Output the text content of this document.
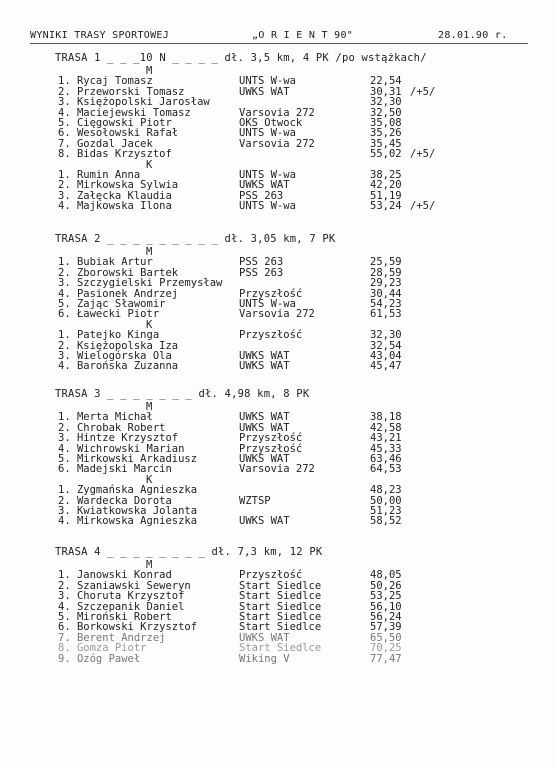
WYNIKI TRASY SPORTOWEJ	„O R I E N T 90"	28.01.90 r.
TRASA 1 _ _ _10 N _ _ _ _ dł. 3,5 km, 4 PK /po wstążkach/
M
1. Rycaj Tomasz	UNTS W-wa	22,54
2. Przeworski Tomasz	UWKS WAT	30,31 /+5/
3. Księżopolski Jarosław	32,30
4. Maciejewski Tomasz	Varsovia 272	32,50
5. Cięgowski Piotr	OKS Otwock	35,08
6. Wesołowski Rafał	UNTS W-wa	35,26
7. Gozdal Jacek	Varsovia 272	35,45
8. Bidas Krzysztof	55,02 /+5/
K
1. Rumin Anna	UNTS W-wa	38,25
2. Mirkowska Sylwia	UWKS WAT	42,20
3. Załęcka Klaudia	PSS 263	51,19
4. Majkowska Ilona	UNTS W-wa	53,24 /+5/
TRASA 2 _ _ _ _ _ _ _ _ _ dł. 3,05 km, 7 PK
M
1. Bubiak Artur	PSS 263	25,59
2. Zborowski Bartek	PSS 263	28,59
3. Szczygielski Przemysław	29,23
4. Pasionek Andrzej	Przyszłość	30,44
5. Zając Sławomir	UNTS W-wa	54,23
6. Ławecki Piotr	Varsovia 272	61,53
K
1. Patejko Kinga	Przyszłość	32,30
2. Księżopolska Iza	32,54
3. Wielogórska Ola	UWKS WAT	43,04
4. Barońska Zuzanna	UWKS WAT	45,47
TRASA 3 _ _ _ _ _ _ _ dł. 4,98 km, 8 PK
M
1. Merta Michał	UWKS WAT	38,18
2. Chrobak Robert	UWKS WAT	42,58
3. Hintze Krzysztof	Przyszłość	43,21
4. Wichrowski Marian	Przyszłość	45,33
5. Mirkowski Arkadiusz	UWKS WAT	63,46
6. Madejski Marcin	Varsovia 272	64,53
K
1. Zygmańska Agnieszka	48,23
2. Wardecka Dorota	WZTSP	50,00
3. Kwiatkowska Jolanta	51,23
4. Mirkowska Agnieszka	UWKS WAT	58,52
TRASA 4 _ _ _ _ _ _ _ _ dł. 7,3 km, 12 PK
M
1. Janowski Konrad	Przyszłość	48,05
2. Szaniawski Seweryn	Start Siedlce	50,26
3. Choruta Krzysztof	Start Siedlce	53,25
4. Szczepanik Daniel	Start Siedlce	56,10
5. Miroński Robert	Start Siedlce	56,24
6. Borkowski Krzysztof	Start Siedlce	57,39
7. Berent Andrzej	UWKS WAT	65,50
8. Gomza Piotr	Start Siedlce	70,25
9. Ozóg Paweł	Wiking V	77,47
